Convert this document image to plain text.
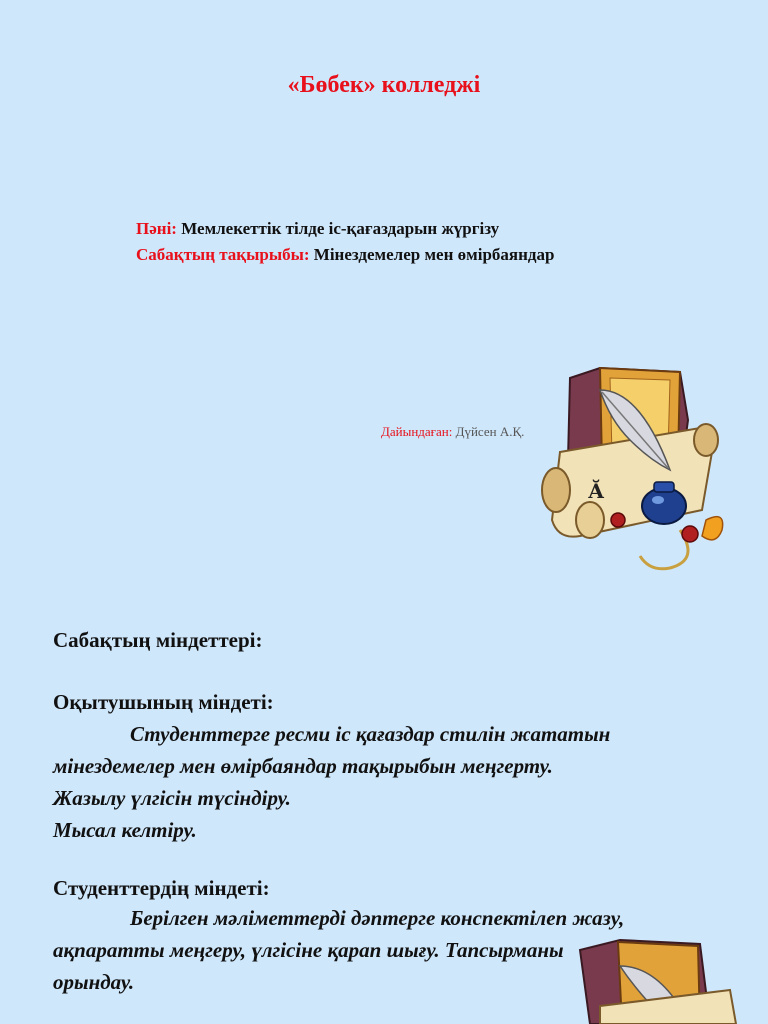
«Бөбек» колледжі
Пәні: Мемлекеттік тілде іс-қағаздарын жүргізу
Сабақтың тақырыбы: Мінездемелер мен өмірбаяндар
Дайындаған: Дүйсен А.Қ.
Ӑ
Сабақтың міндеттері:
Оқытушының міндеті:
Студенттерге ресми іс қағаздар стилін жататын
мінездемелер мен өмірбаяндар тақырыбын меңгерту.
Жазылу үлгісін түсіндіру.
Мысал келтіру.
Студенттердің міндеті:
Берілген мәліметтерді дәптерге конспектілеп жазу,
ақпаратты меңгеру, үлгісіне қарап шығу. Тапсырманы
орындау.
